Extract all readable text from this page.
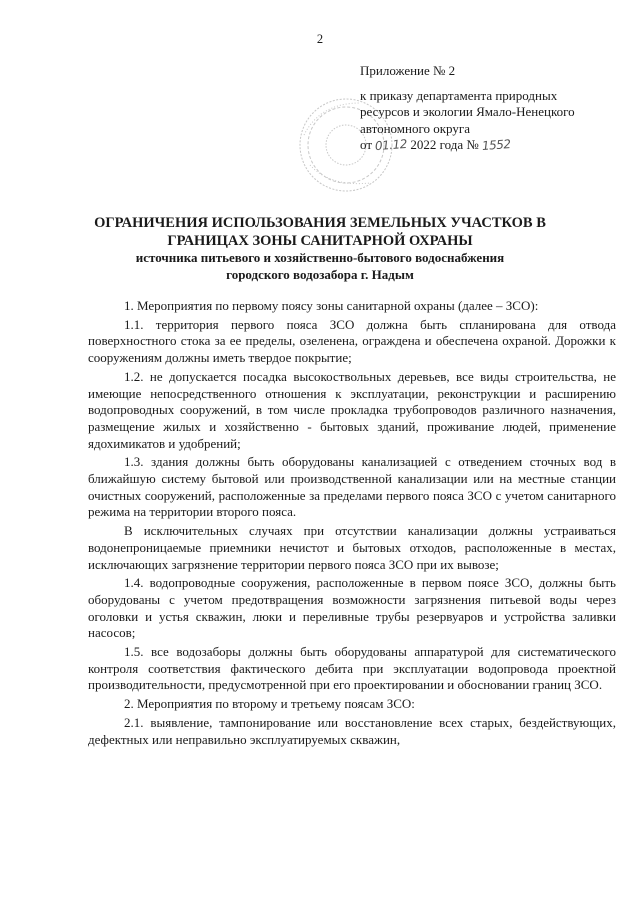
2
Приложение № 2
к приказу департамента природных
ресурсов и экологии Ямало-Ненецкого
автономного округа
от 01.12 2022 года № 1552
ОГРАНИЧЕНИЯ ИСПОЛЬЗОВАНИЯ ЗЕМЕЛЬНЫХ УЧАСТКОВ В
ГРАНИЦАХ ЗОНЫ САНИТАРНОЙ ОХРАНЫ
источника питьевого и хозяйственно-бытового водоснабжения
городского водозабора г. Надым

1. Мероприятия по первому поясу зоны санитарной охраны (далее – ЗСО):

1.1. территория первого пояса ЗСО должна быть спланирована для отвода поверхностного стока за ее пределы, озеленена, ограждена и обеспечена охраной. Дорожки к сооружениям должны иметь твердое покрытие;

1.2. не допускается посадка высокоствольных деревьев, все виды строительства, не имеющие непосредственного отношения к эксплуатации, реконструкции и расширению водопроводных сооружений, в том числе прокладка трубопроводов различного назначения, размещение жилых и хозяйственно - бытовых зданий, проживание людей, применение ядохимикатов и удобрений;

1.3. здания должны быть оборудованы канализацией с отведением сточных вод в ближайшую систему бытовой или производственной канализации или на местные станции очистных сооружений, расположенные за пределами первого пояса ЗСО с учетом санитарного режима на территории второго пояса.

В исключительных случаях при отсутствии канализации должны устраиваться водонепроницаемые приемники нечистот и бытовых отходов, расположенные в местах, исключающих загрязнение территории первого пояса ЗСО при их вывозе;

1.4. водопроводные сооружения, расположенные в первом поясе ЗСО, должны быть оборудованы с учетом предотвращения возможности загрязнения питьевой воды через оголовки и устья скважин, люки и переливные трубы резервуаров и устройства заливки насосов;

1.5. все водозаборы должны быть оборудованы аппаратурой для систематического контроля соответствия фактического дебита при эксплуатации водопровода проектной производительности, предусмотренной при его проектировании и обосновании границ ЗСО.

2. Мероприятия по второму и третьему поясам ЗСО:

2.1. выявление, тампонирование или восстановление всех старых, бездействующих, дефектных или неправильно эксплуатируемых скважин,
